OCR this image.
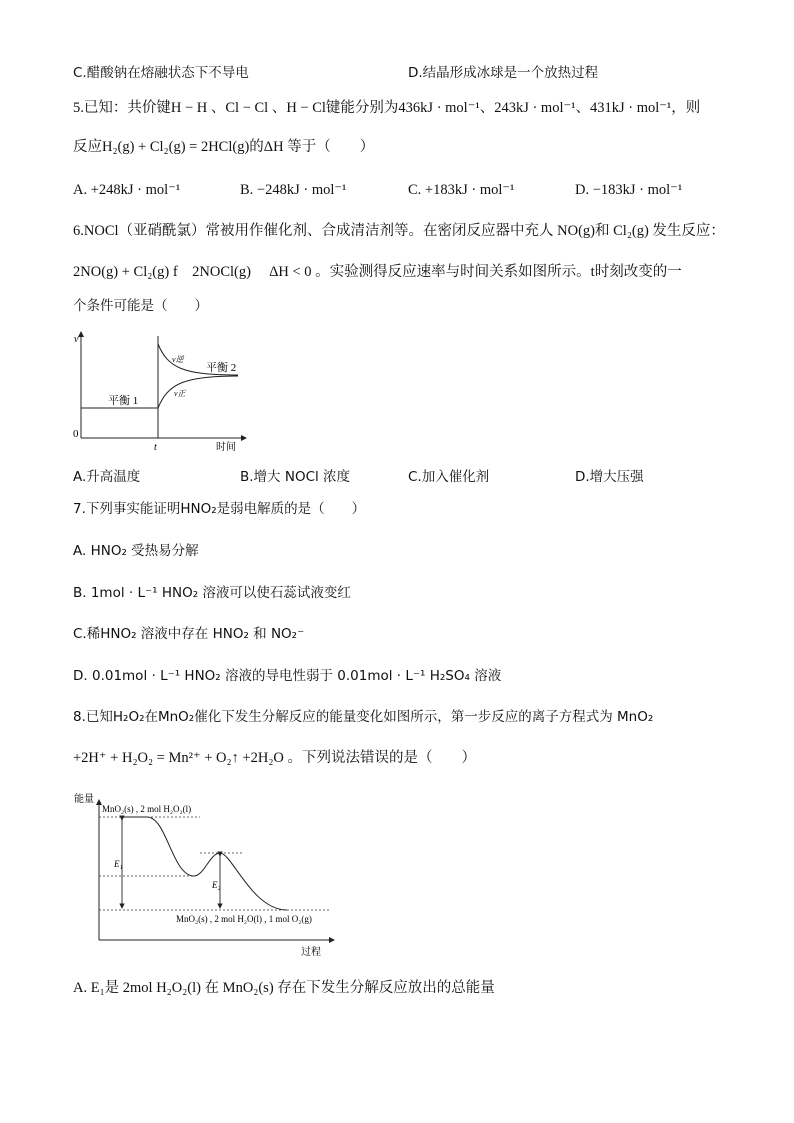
C.醋酸钠在熔融状态下不导电	D.结晶形成冰球是一个放热过程
5.已知：共价键H − H 、Cl − Cl 、H − Cl键能分别为436kJ · mol⁻¹、243kJ · mol⁻¹、431kJ · mol⁻¹，则
反应H₂(g) + Cl₂(g) = 2HCl(g)的ΔH 等于（　　）
A. +248kJ · mol⁻¹	B. −248kJ · mol⁻¹	C. +183kJ · mol⁻¹	D. −183kJ · mol⁻¹
6.NOCl（亚硝酰氯）常被用作催化剂、合成清洁剂等。在密闭反应器中充人 NO(g)和 Cl₂(g) 发生反应：
2NO(g) + Cl₂(g) f　2NOCl(g)　 ΔH < 0 。实验测得反应速率与时间关系如图所示。t时刻改变的一
个条件可能是（　　）
v
0
平衡 1
t	时间
v逆
v正
平衡 2
A.升高温度	B.增大 NOCl 浓度	C.加入催化剂	D.增大压强
7.下列事实能证明HNO₂是弱电解质的是（　　）
A. HNO₂ 受热易分解
B. 1mol · L⁻¹ HNO₂ 溶液可以使石蕊试液变红
C.稀HNO₂ 溶液中存在 HNO₂ 和 NO₂⁻
D. 0.01mol · L⁻¹ HNO₂ 溶液的导电性弱于 0.01mol · L⁻¹ H₂SO₄ 溶液
8.已知H₂O₂在MnO₂催化下发生分解反应的能量变化如图所示，第一步反应的离子方程式为 MnO₂
+2H⁺ + H₂O₂ = Mn²⁺ + O₂↑ +2H₂O 。下列说法错误的是（　　）
能量
过程
MnO₂(s) , 2 mol H₂O₂(l)
MnO₂(s) , 2 mol H₂O(l) , 1 mol O₂(g)
E₁
E₂
A. E₁是 2mol H₂O₂(l) 在 MnO₂(s) 存在下发生分解反应放出的总能量
